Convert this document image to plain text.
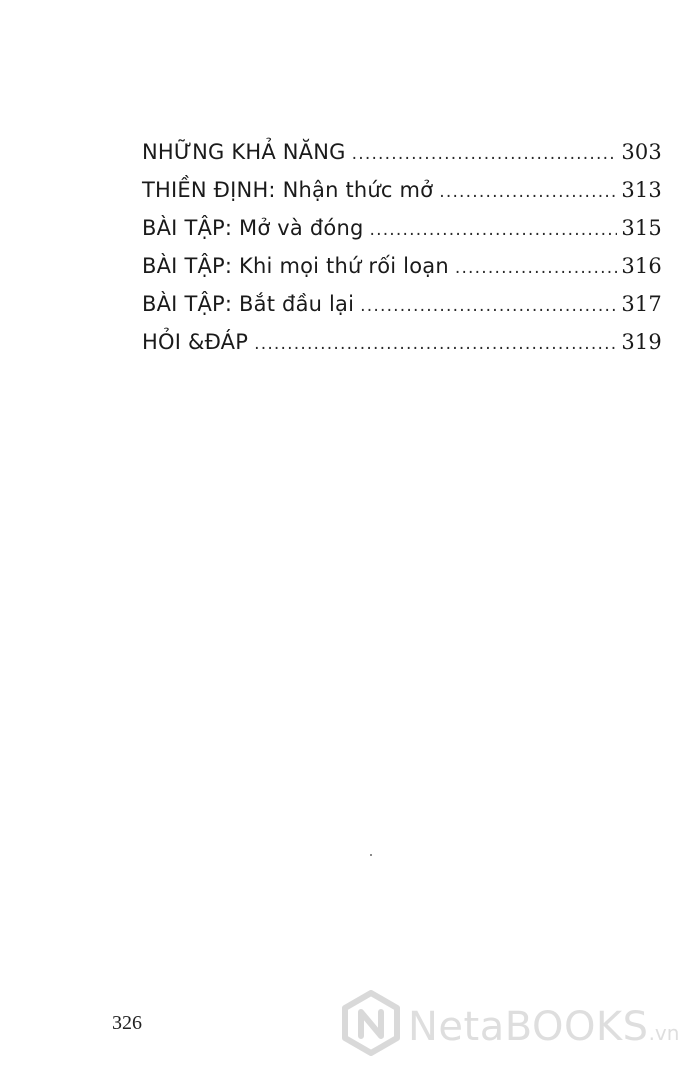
NHỮNG KHẢ NĂNG .....	303
THIỀN ĐỊNH: Nhận thức mở .....	313
BÀI TẬP: Mở và đóng .....	315
BÀI TẬP: Khi mọi thứ rối loạn .....	316
BÀI TẬP: Bắt đầu lại .....	317
HỎI &ĐÁP .....	319
326	NetaBOOKS.vn
